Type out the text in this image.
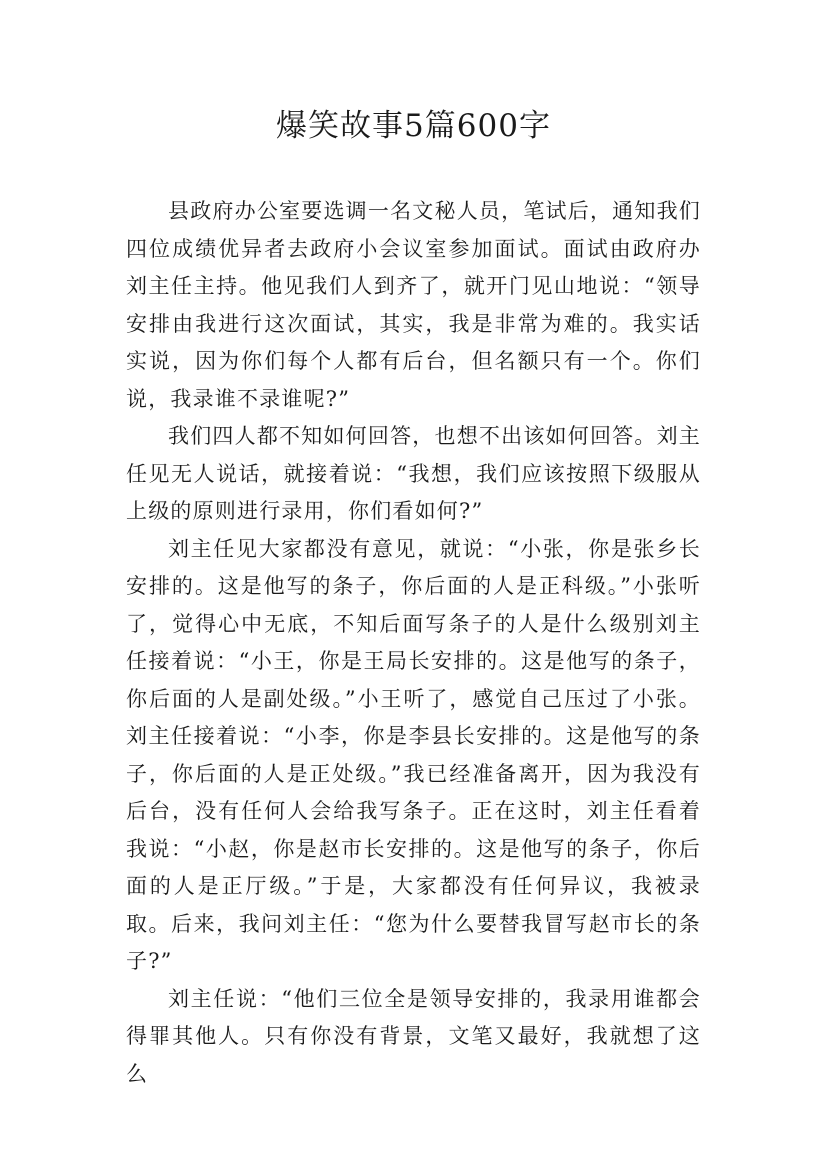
爆笑故事5篇600字

县政府办公室要选调一名文秘人员，笔试后，通知我们四位成绩优异者去政府小会议室参加面试。面试由政府办刘主任主持。他见我们人到齐了，就开门见山地说：“领导安排由我进行这次面试，其实，我是非常为难的。我实话实说，因为你们每个人都有后台，但名额只有一个。你们说，我录谁不录谁呢?”

我们四人都不知如何回答，也想不出该如何回答。刘主任见无人说话，就接着说：“我想，我们应该按照下级服从上级的原则进行录用，你们看如何?”

刘主任见大家都没有意见，就说：“小张，你是张乡长安排的。这是他写的条子，你后面的人是正科级。”小张听了，觉得心中无底，不知后面写条子的人是什么级别刘主任接着说：“小王，你是王局长安排的。这是他写的条子，你后面的人是副处级。”小王听了，感觉自己压过了小张。刘主任接着说：“小李，你是李县长安排的。这是他写的条子，你后面的人是正处级。”我已经准备离开，因为我没有后台，没有任何人会给我写条子。正在这时，刘主任看着我说：“小赵，你是赵市长安排的。这是他写的条子，你后面的人是正厅级。”于是，大家都没有任何异议，我被录取。后来，我问刘主任：“您为什么要替我冒写赵市长的条子?”

刘主任说：“他们三位全是领导安排的，我录用谁都会得罪其他人。只有你没有背景，文笔又最好，我就想了这么
